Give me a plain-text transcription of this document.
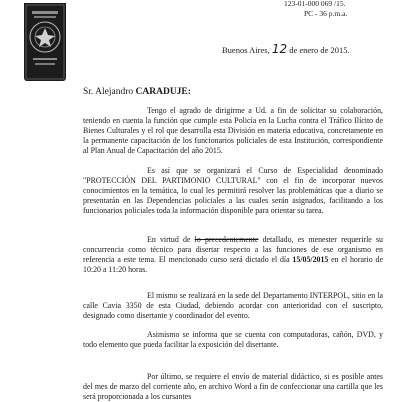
123-01-000 069 /15.
PC - 36 p.m.a.
Buenos Aires, 12 de enero de 2015.
Sr. Alejandro CARADUJE:
Tengo el agrado de dirigirme a Ud. a fin de solicitar su colaboración, teniendo en cuenta la función que cumple esta Policía en la Lucha contra el Tráfico Ilícito de Bienes Culturales y el rol que desarrolla esta División en materia educativa, concretamente en la permanente capacitación de los funcionarios policiales de esta Institución, correspondiente al Plan Anual de Capacitación del año 2015.
Es así que se organizará el Curso de Especialidad denominado "PROTECCIÓN DEL PARTIMONIO CULTURAL" con el fin de incorporar nuevos conocimientos en la temática, lo cual les permitirá resolver las problemáticas que a diario se presentarán en las Dependencias policiales a las cuales serán asignados, facilitando a los funcionarios policiales toda la información disponible para orientar su tarea.
En virtud de lo precedentemente detallado, es menester requerirle su concurrencia como técnico para disertar respecto a las funciones de ese organismo en referencia a este tema. El mencionado curso será dictado el día 15/05/2015 en el horario de 10:20 a 11:20 horas.
El mismo se realizará en la sede del Departamento INTERPOL, sitio en la calle Cavia 3350 de esta Ciudad, debiendo acordar con anterioridad con el suscripto, designado como disertante y coordinador del evento.
Asimismo se informa que se cuenta con computadoras, cañón, DVD, y todo elemento que pueda facilitar la exposición del disertante.
Por último, se requiere el envío de material didáctico, si es posible antes del mes de marzo del corriente año, en archivo Word a fin de confeccionar una cartilla que les será proporcionada a los cursantes
